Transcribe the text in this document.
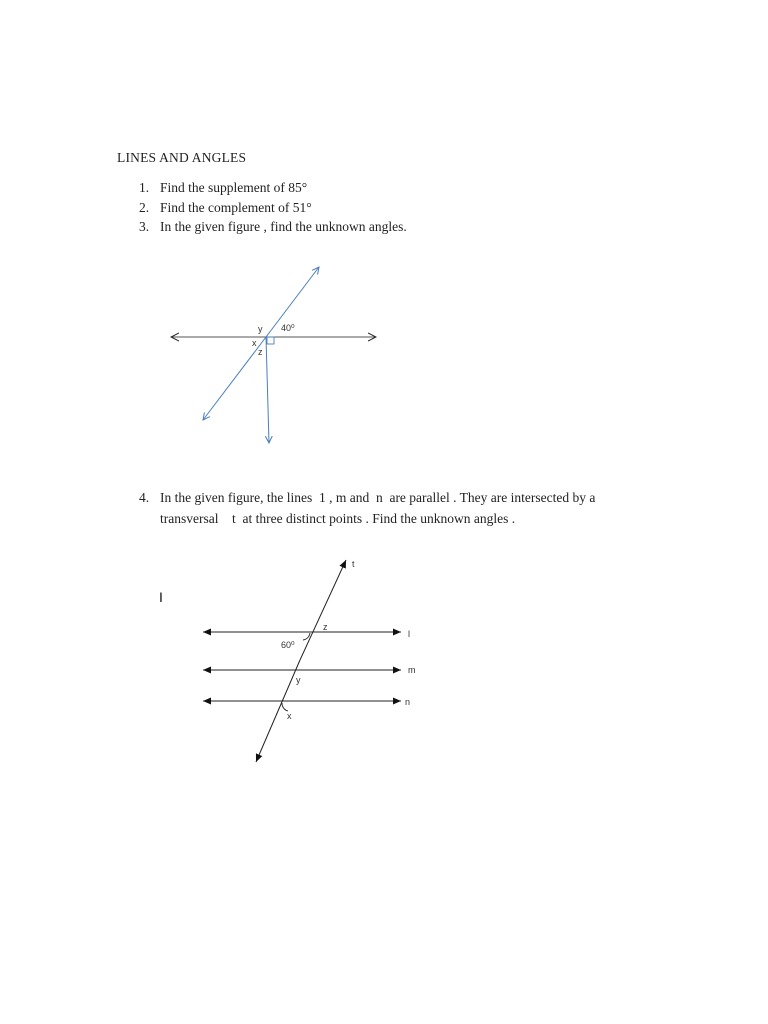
LINES AND ANGLES
1. Find the supplement of 85°
2. Find the complement of 51°
3. In the given figure , find the unknown angles.
y 40⁰
x
z
4. In the given figure, the lines  1 , m and  n  are parallel . They are intersected by a
transversal    t  at three distinct points . Find the unknown angles .
t
l
m
n
60⁰
z
y
x
I
